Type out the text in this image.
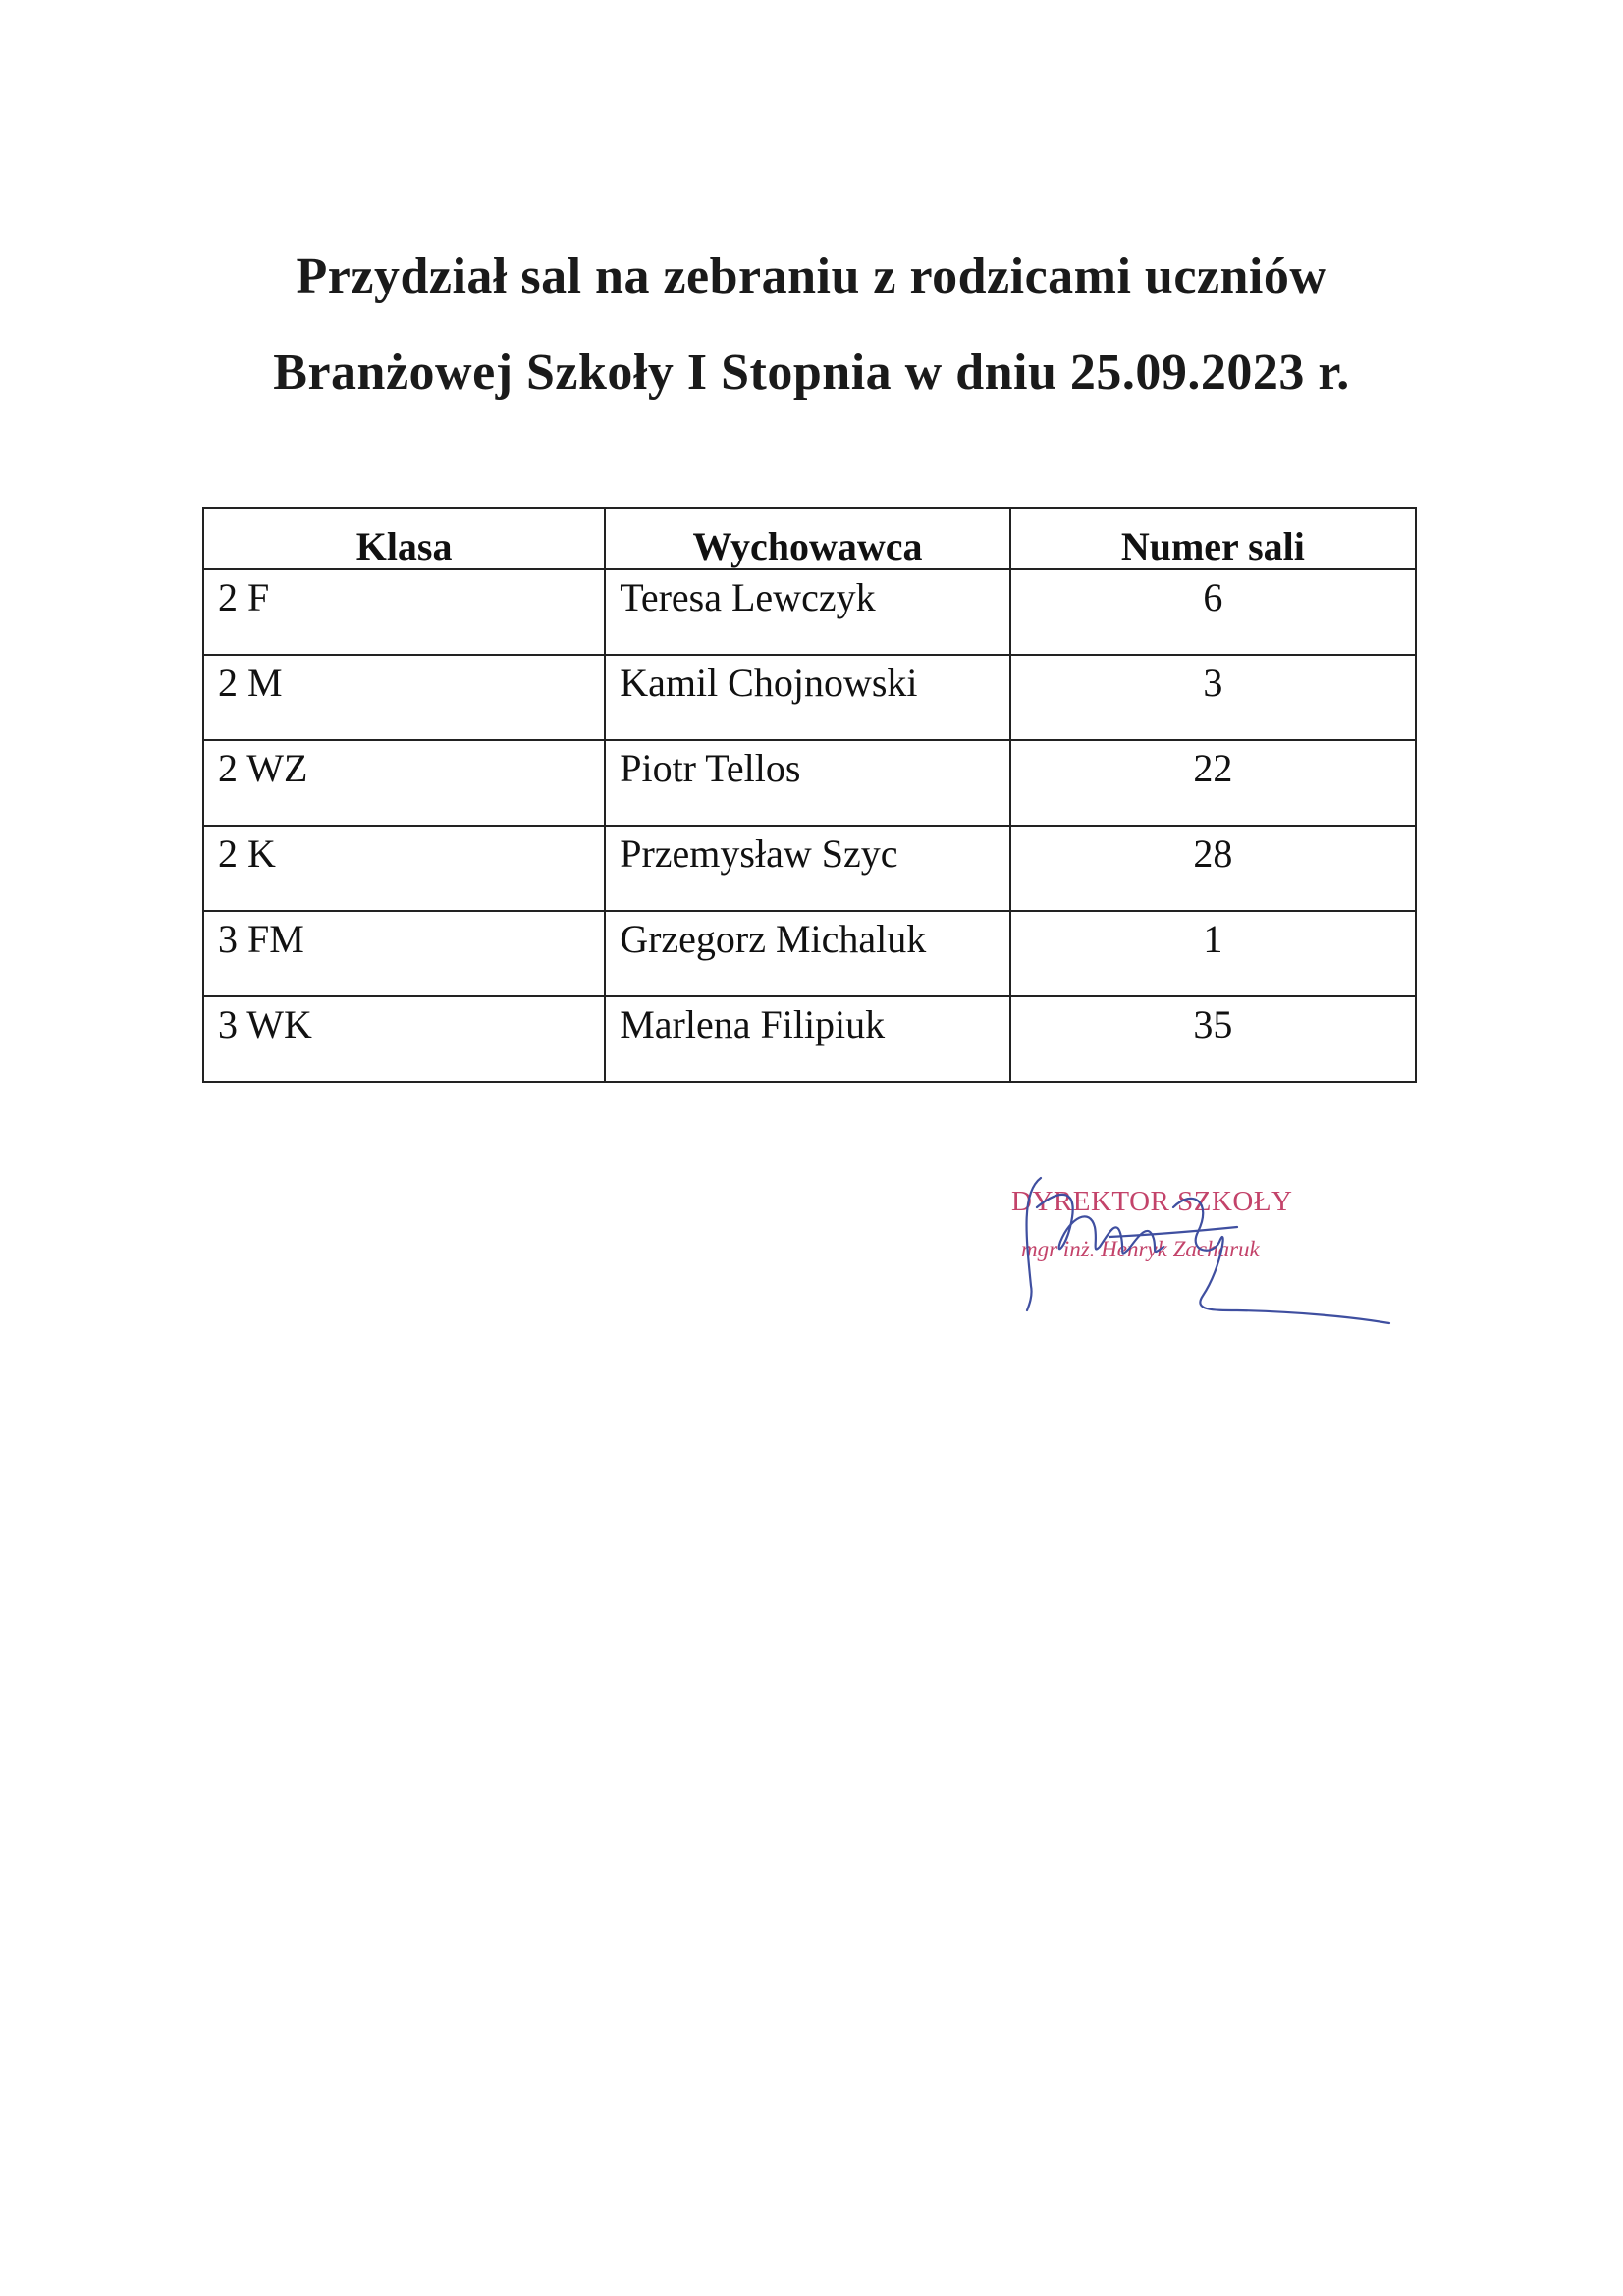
Przydział sal na zebraniu z rodzicami uczniów
Branżowej Szkoły I Stopnia w dniu 25.09.2023 r.
Klasa	Wychowawca	Numer sali
2 F	Teresa Lewczyk	6
2 M	Kamil Chojnowski	3
2 WZ	Piotr Tellos	22
2 K	Przemysław Szyc	28
3 FM	Grzegorz Michaluk	1
3 WK	Marlena Filipiuk	35
DYREKTOR SZKOŁY
mgr inż. Henryk Zacharuk
